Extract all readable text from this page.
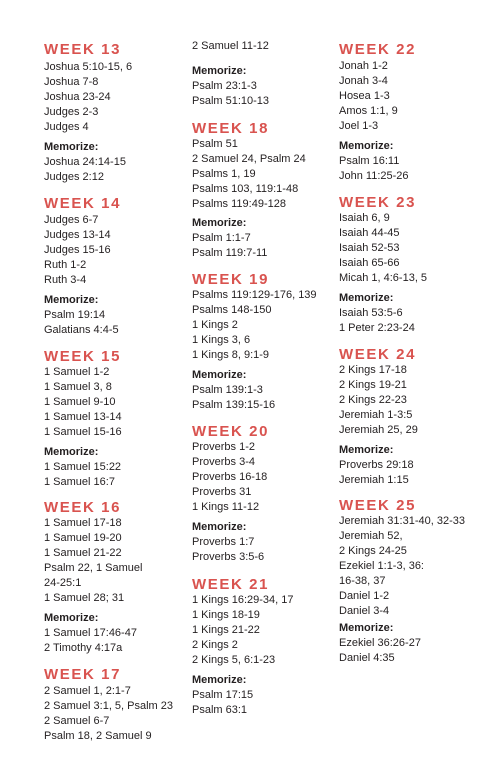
WEEK 13
Joshua 5:10-15, 6
Joshua 7-8
Joshua 23-24
Judges 2-3
Judges 4
Memorize:
Joshua 24:14-15
Judges 2:12
WEEK 14
Judges 6-7
Judges 13-14
Judges 15-16
Ruth 1-2
Ruth 3-4
Memorize:
Psalm 19:14
Galatians 4:4-5
WEEK 15
1 Samuel 1-2
1 Samuel 3, 8
1 Samuel 9-10
1 Samuel 13-14
1 Samuel 15-16
Memorize:
1 Samuel 15:22
1 Samuel 16:7
WEEK 16
1 Samuel 17-18
1 Samuel 19-20
1 Samuel 21-22
Psalm 22, 1 Samuel
24-25:1
1 Samuel 28; 31
Memorize:
1 Samuel 17:46-47
2 Timothy 4:17a
WEEK 17
2 Samuel 1, 2:1-7
2 Samuel 3:1, 5, Psalm 23
2 Samuel 6-7
Psalm 18, 2 Samuel 9
2 Samuel 11-12
Memorize:
Psalm 23:1-3
Psalm 51:10-13
WEEK 18
Psalm 51
2 Samuel 24, Psalm 24
Psalms 1, 19
Psalms 103, 119:1-48
Psalms 119:49-128
Memorize:
Psalm 1:1-7
Psalm 119:7-11
WEEK 19
Psalms 119:129-176, 139
Psalms 148-150
1 Kings 2
1 Kings 3, 6
1 Kings 8, 9:1-9
Memorize:
Psalm 139:1-3
Psalm 139:15-16
WEEK 20
Proverbs 1-2
Proverbs 3-4
Proverbs 16-18
Proverbs 31
1 Kings 11-12
Memorize:
Proverbs 1:7
Proverbs 3:5-6
WEEK 21
1 Kings 16:29-34, 17
1 Kings 18-19
1 Kings 21-22
2 Kings 2
2 Kings 5, 6:1-23
Memorize:
Psalm 17:15
Psalm 63:1
WEEK 22
Jonah 1-2
Jonah 3-4
Hosea 1-3
Amos 1:1, 9
Joel 1-3
Memorize:
Psalm 16:11
John 11:25-26
WEEK 23
Isaiah 6, 9
Isaiah 44-45
Isaiah 52-53
Isaiah 65-66
Micah 1, 4:6-13, 5
Memorize:
Isaiah 53:5-6
1 Peter 2:23-24
WEEK 24
2 Kings 17-18
2 Kings 19-21
2 Kings 22-23
Jeremiah 1-3:5
Jeremiah 25, 29
Memorize:
Proverbs 29:18
Jeremiah 1:15
WEEK 25
Jeremiah 31:31-40, 32-33
Jeremiah 52,
2 Kings 24-25
Ezekiel 1:1-3, 36:
16-38, 37
Daniel 1-2
Daniel 3-4
Memorize:
Ezekiel 36:26-27
Daniel 4:35
